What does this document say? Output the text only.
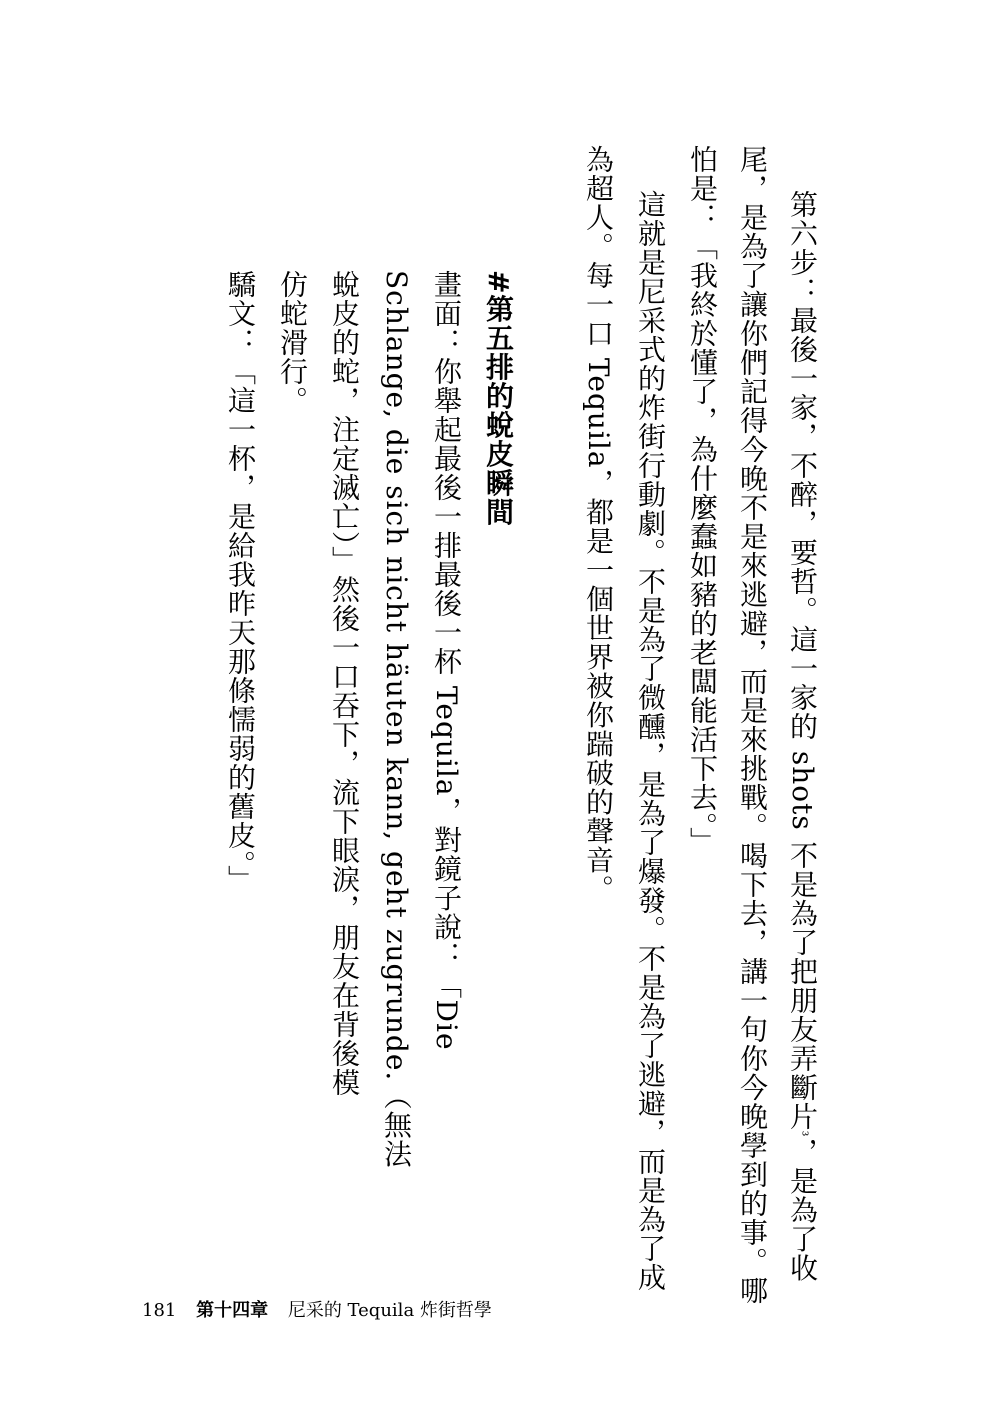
第六步：最後一家，不醉，要哲。這一家的 shots 不是為了把朋友弄斷片³，是為了收
尾，是為了讓你們記得今晚不是來逃避，而是來挑戰。喝下去，講一句你今晚學到的事。哪
怕是：「我終於懂了，為什麼蠢如豬的老闆能活下去。」
這就是尼采式的炸街行動劇。不是為了微醺，是為了爆發。不是為了逃避，而是為了成
為超人。每一口 Tequila，都是一個世界被你踹破的聲音。
#第五排的蛻皮瞬間
畫面：你舉起最後一排最後一杯 Tequila，對鏡子說：「Die
Schlange, die sich nicht häuten kann, geht zugrunde.（無法
蛻皮的蛇，注定滅亡）」然後一口吞下，流下眼淚，朋友在背後模
仿蛇滑行。
驕文：「這一杯，是給我昨天那條懦弱的舊皮。」
181 第十四章 尼采的 Tequila 炸街哲學
